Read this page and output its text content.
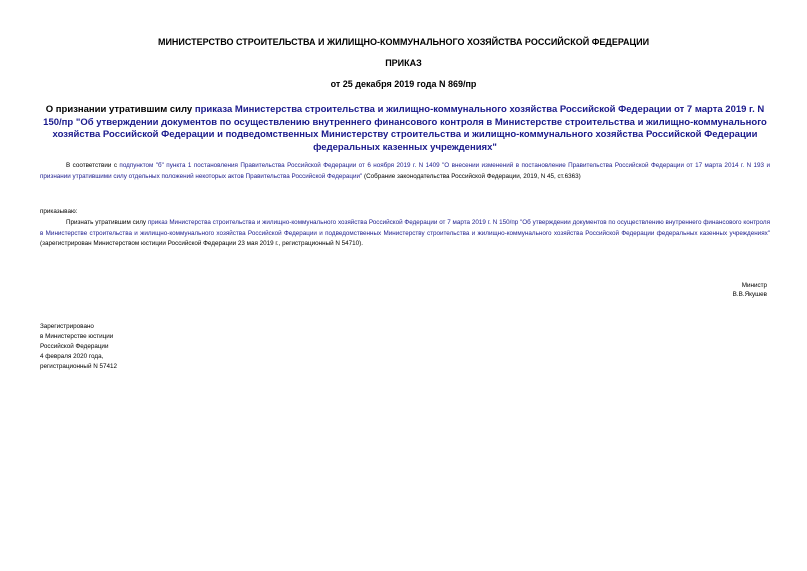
МИНИСТЕРСТВО СТРОИТЕЛЬСТВА И ЖИЛИЩНО-КОММУНАЛЬНОГО ХОЗЯЙСТВА РОССИЙСКОЙ ФЕДЕРАЦИИ
ПРИКАЗ
от 25 декабря 2019 года N 869/пр
О признании утратившим силу приказа Министерства строительства и жилищно-коммунального хозяйства Российской Федерации от 7 марта 2019 г. N 150/пр "Об утверждении документов по осуществлению внутреннего финансового контроля в Министерстве строительства и жилищно-коммунального хозяйства Российской Федерации и подведомственных Министерству строительства и жилищно-коммунального хозяйства Российской Федерации федеральных казенных учреждениях"
В соответствии с подпунктом "б" пункта 1 постановления Правительства Российской Федерации от 6 ноября 2019 г. N 1409 "О внесении изменений в постановление Правительства Российской Федерации от 17 марта 2014 г. N 193 и признании утратившими силу отдельных положений некоторых актов Правительства Российской Федерации" (Собрание законодательства Российской Федерации, 2019, N 45, ст.6363)
приказываю:
Признать утратившим силу приказ Министерства строительства и жилищно-коммунального хозяйства Российской Федерации от 7 марта 2019 г. N 150/пр "Об утверждении документов по осуществлению внутреннего финансового контроля в Министерстве строительства и жилищно-коммунального хозяйства Российской Федерации и подведомственных Министерству строительства и жилищно-коммунального хозяйства Российской Федерации федеральных казенных учреждениях" (зарегистрирован Министерством юстиции Российской Федерации 23 мая 2019 г., регистрационный N 54710).
Министр
В.В.Якушев
Зарегистрировано
в Министерстве юстиции
Российской Федерации
4 февраля 2020 года,
регистрационный N 57412
